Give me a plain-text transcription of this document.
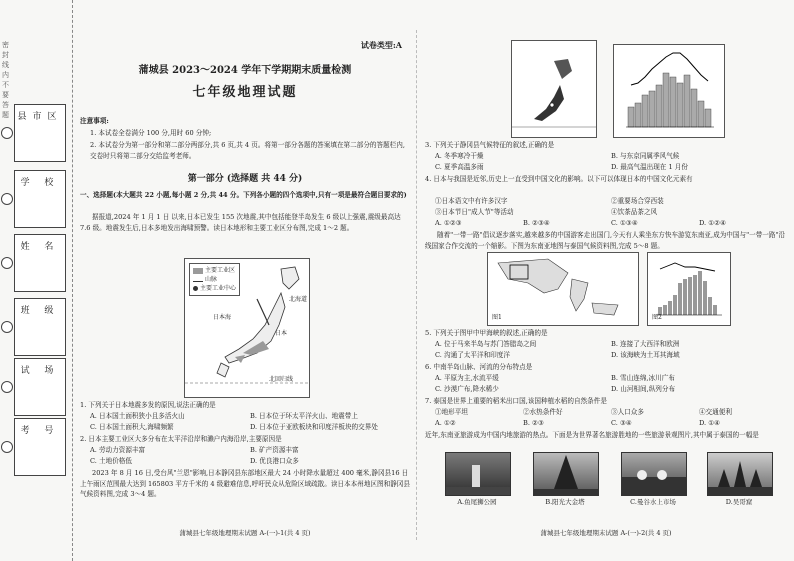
密 封 线 内 不 要 答 题 县市区
学 校
姓 名
班 级
试 场
考 号
试卷类型:A
蒲城县 2023～2024 学年下学期期末质量检测
七年级地理试题
注意事项:
1. 本试卷全卷满分 100 分,用时 60 分钟;
2. 本试卷分为第一部分和第二部分两部分,共 6 页,共 4 页。将第一部分各题的答案填在第二部分的答题栏内,交卷时只将第二部分交给监考老师。
第一部分 (选择题 共 44 分)
一、选择题(本大题共 22 小题,每小题 2 分,共 44 分。下列各小题的四个选项中,只有一项是最符合题目要求的)
据报道,2024 年 1 月 1 日 以来,日本已发生 155 次地震,其中包括能登半岛发生 6 级以上强震,震级最高达 7.6 级。地震发生后,日本多地发出海啸预警。读日本地形和主要工业区分布图,完成 1～2 题。
主要工业区
山脉
主要工业中心
日本海
北回归线
北海道
日本
1. 下列关于日本地震多发的原因,说法正确的是
A. 日本国土面积狭小且多活火山	B. 日本位于环太平洋火山、地震带上
C. 日本国土面积大,海啸频繁	D. 日本位于亚欧板块和印度洋板块的交界处
2. 日本主要工业区大多分布在太平洋沿岸和濑户内海沿岸,主要原因是
A. 劳动力资源丰富	B. 矿产资源丰富
C. 土地价格低	D. 优良港口众多
2023 年 8 月 16 日,受台风"兰恩"影响,日本静冈县东部地区最大 24 小时降水量超过 400 毫米,静冈县16 日上午雨区范围最大达到 165803 平方千米的 4 级避难信息,呼吁民众从危险区域疏散。读日本本州地区图和静冈县气候资料图,完成 3～4 题。
蒲城县七年级地理期末试题 A-(一)-1(共 4 页)
3. 下列关于静冈县气候特征的叙述,正确的是
A. 冬季寒冷干燥	B. 与东京同属季风气候
C. 夏季高温多雨	D. 最高气温出现在 1 月份
4. 日本与我国是近邻,历史上一直受到中国文化的影响。以下可以体现日本的中国文化元素有
①日本语文中有许多汉字	②重要场合穿西装
③日本节日"成人节"等活动	④饮茶品茶之风
A. ①②③	B. ②③④	C. ①③④	D. ①②④
随着"一带一路"倡议逐步落实,越来越多的中国游客走出国门,今天有人乘坐东方快车游览东南亚,成为中国与"一带一路"沿线国家合作交流的一个缩影。下图为东南亚地图与泰国气候资料图,完成 5～8 题。
图1	图2
5. 下列关于图甲中甲海峡的叙述,正确的是
A. 位于马来半岛与苏门答腊岛之间	B. 连接了大西洋和欧洲
C. 沟通了太平洋和印度洋	D. 该海峡为土耳其海域
6. 中南半岛山脉、河流的分布特点是
A. 平原为主,水流平缓	B. 雪山连绵,冰川广布
C. 沙漠广布,降水稀少	D. 山河相间,纵列分布
7. 泰国是世界上重要的稻米出口国,该国种植水稻的自然条件是
①地形平坦	②水热条件好	③人口众多	④交通便利
A. ①②	B. ②③	C. ③④	D. ①④
近年,东南亚旅游成为中国内地旅游的热点。下面是为世界著名旅游胜地的一些旅游景观图片,其中属于泰国的一幅是
A.鱼尾狮公园	B.阳光大金塔	C.曼谷水上市场	D.吴哥窟
蒲城县七年级地理期末试题 A-(一)-2(共 4 页)
